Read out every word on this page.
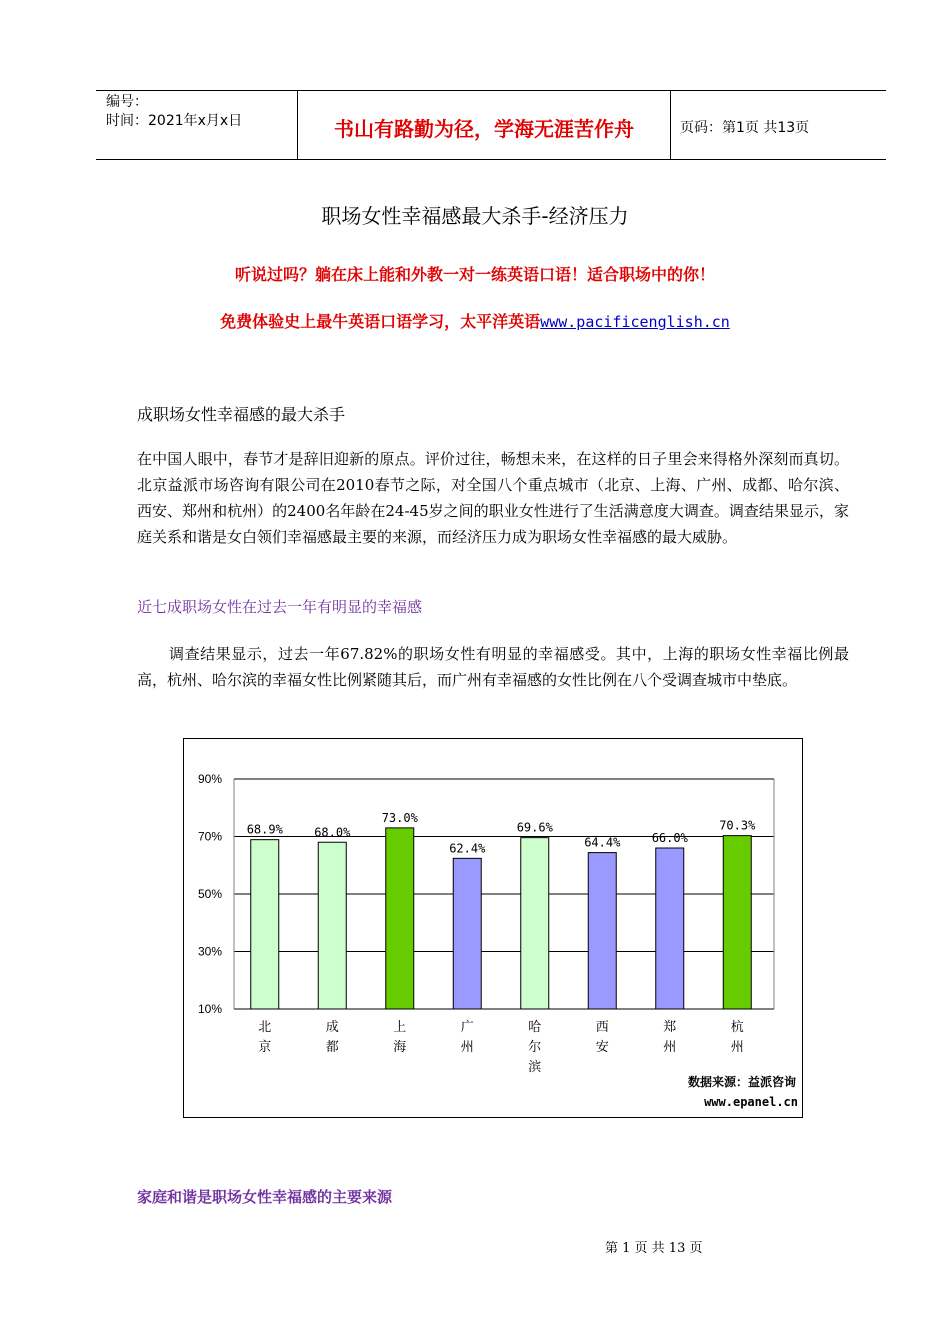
编号：
时间：2021年x月x日	书山有路勤为径，学海无涯苦作舟	页码：第1页 共13页
职场女性幸福感最大杀手-经济压力
听说过吗？躺在床上能和外教一对一练英语口语！适合职场中的你！
免费体验史上最牛英语口语学习，太平洋英语www.pacificenglish.cn
成职场女性幸福感的最大杀手
在中国人眼中，春节才是辞旧迎新的原点。评价过往，畅想未来，在这样的日子里会来得格外深刻而真切。北京益派市场咨询有限公司在2010春节之际，对全国八个重点城市（北京、上海、广州、成都、哈尔滨、西安、郑州和杭州）的2400名年龄在24-45岁之间的职业女性进行了生活满意度大调查。调查结果显示，家庭关系和谐是女白领们幸福感最主要的来源，而经济压力成为职场女性幸福感的最大威胁。
近七成职场女性在过去一年有明显的幸福感
调查结果显示，过去一年67.82%的职场女性有明显的幸福感受。其中，上海的职场女性幸福比例最高，杭州、哈尔滨的幸福女性比例紧随其后，而广州有幸福感的女性比例在八个受调查城市中垫底。
90%
70%
50%
30%
10%
68.9%
北
京
68.0%
成
都
73.0%
上
海
62.4%
广
州
69.6%
哈
尔
滨
64.4%
西
安
66.0%
郑
州
70.3%
杭
州
数据来源：益派咨询
www.epanel.cn
家庭和谐是职场女性幸福感的主要来源
第 1 页 共 13 页
